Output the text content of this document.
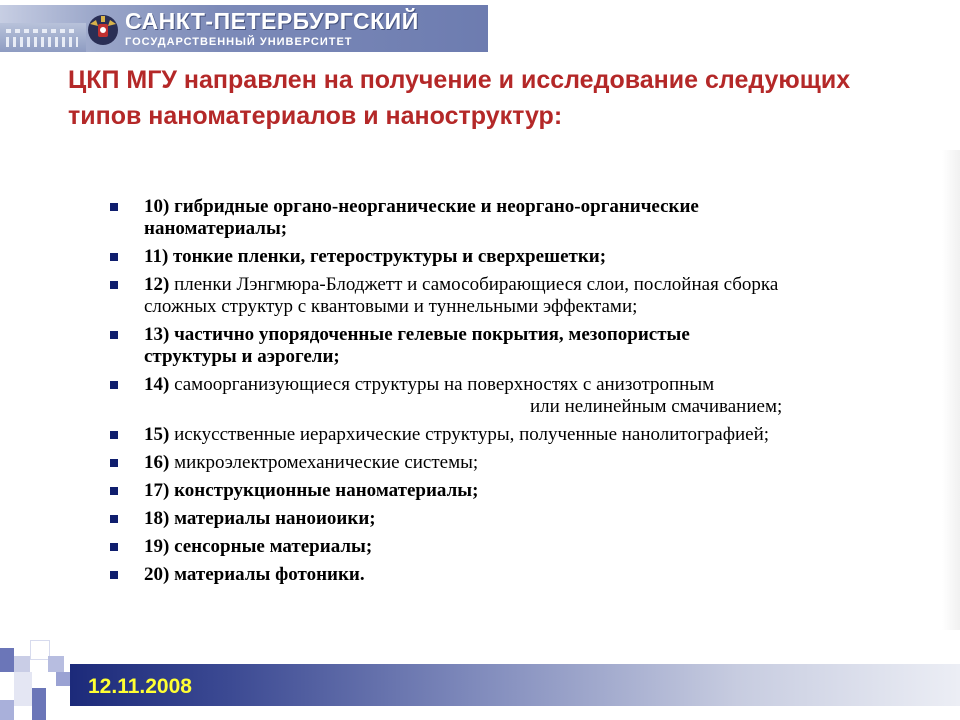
САНКТ-ПЕТЕРБУРГСКИЙ
ГОСУДАРСТВЕННЫЙ УНИВЕРСИТЕТ
ЦКП МГУ направлен на получение и исследование следующих типов наноматериалов и наноструктур:
10) гибридные органо-неорганические и неоргано-органические
наноматериалы;
11) тонкие пленки, гетероструктуры и сверхрешетки;
12) пленки Лэнгмюра-Блоджетт и самособирающиеся слои, послойная сборка
сложных структур с квантовыми и туннельными эффектами;
13) частично упорядоченные гелевые покрытия, мезопористые
структуры и аэрогели;
14) самоорганизующиеся структуры на поверхностях с анизотропным
или нелинейным смачиванием;
15) искусственные иерархические структуры, полученные нанолитографией;
16) микроэлектромеханические системы;
17) конструкционные наноматериалы;
18) материалы наноиоики;
19) сенсорные материалы;
20) материалы фотоники.
12.11.2008
